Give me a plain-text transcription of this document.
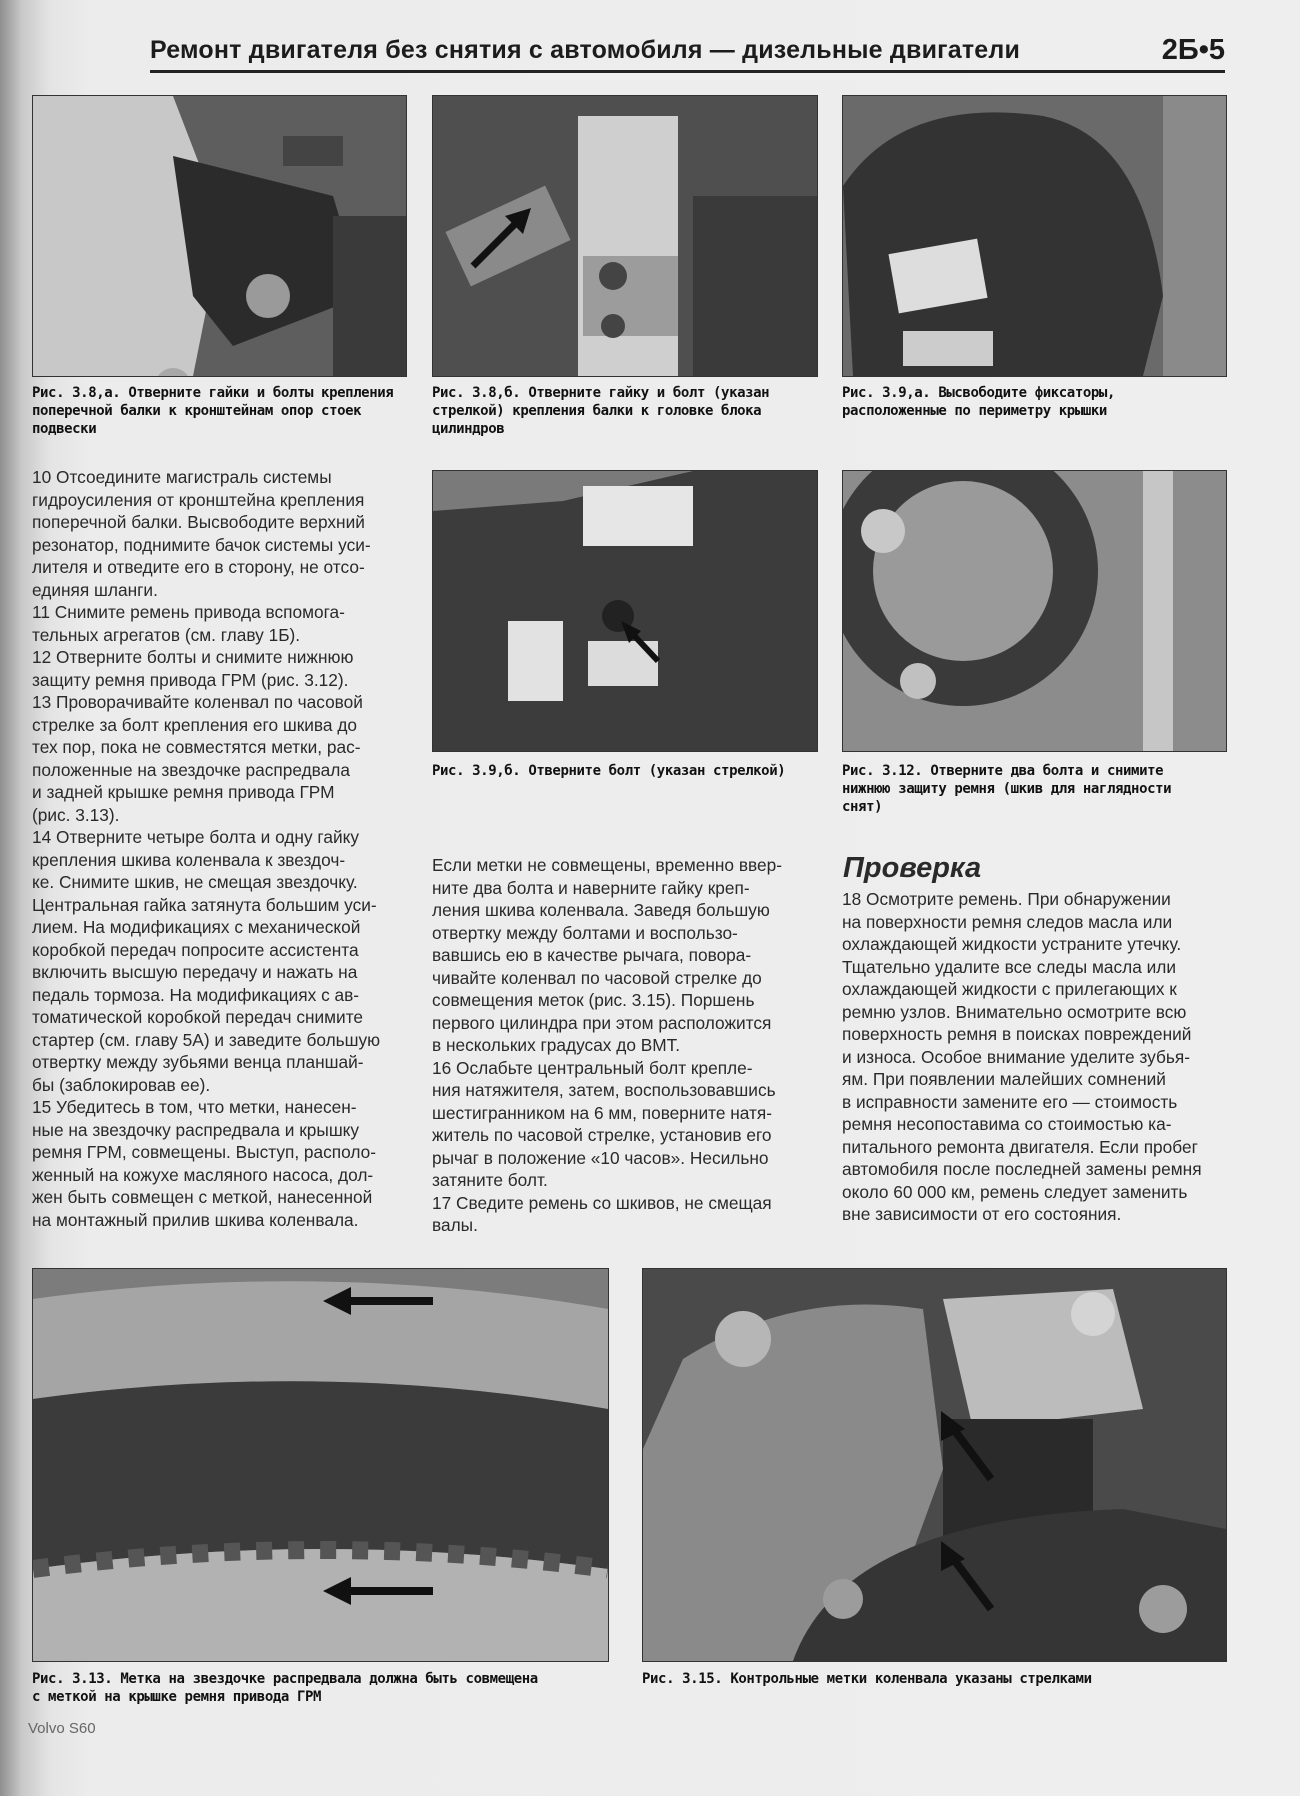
Ремонт двигателя без снятия с автомобиля — дизельные двигатели	2Б•5
Рис. 3.8,а. Отверните гайки и болты крепления
поперечной балки к кронштейнам опор стоек
подвески
Рис. 3.8,б. Отверните гайку и болт (указан
стрелкой) крепления балки к головке блока
цилиндров
Рис. 3.9,а. Высвободите фиксаторы,
расположенные по периметру крышки
Рис. 3.9,б. Отверните болт (указан стрелкой)	Рис. 3.12. Отверните два болта и снимите
нижнюю защиту ремня (шкив для наглядности
снят)
10 Отсоедините магистраль системы
гидроусиления от кронштейна крепления
поперечной балки. Высвободите верхний
резонатор, поднимите бачок системы уси-
лителя и отведите его в сторону, не отсо-
единяя шланги.
11 Снимите ремень привода вспомога-
тельных агрегатов (см. главу 1Б).
12 Отверните болты и снимите нижнюю
защиту ремня привода ГРМ (рис. 3.12).
13 Проворачивайте коленвал по часовой
стрелке за болт крепления его шкива до
тех пор, пока не совместятся метки, рас-
положенные на звездочке распредвала
и задней крышке ремня привода ГРМ
(рис. 3.13).
14 Отверните четыре болта и одну гайку
крепления шкива коленвала к звездоч-
ке. Снимите шкив, не смещая звездочку.
Центральная гайка затянута большим уси-
лием. На модификациях с механической
коробкой передач попросите ассистента
включить высшую передачу и нажать на
педаль тормоза. На модификациях с ав-
томатической коробкой передач снимите
стартер (см. главу 5А) и заведите большую
отвертку между зубьями венца планшай-
бы (заблокировав ее).
15 Убедитесь в том, что метки, нанесен-
ные на звездочку распредвала и крышку
ремня ГРМ, совмещены. Выступ, располо-
женный на кожухе масляного насоса, дол-
жен быть совмещен с меткой, нанесенной
на монтажный прилив шкива коленвала.
Если метки не совмещены, временно ввер-
ните два болта и наверните гайку креп-
ления шкива коленвала. Заведя большую
отвертку между болтами и воспользо-
вавшись ею в качестве рычага, повора-
чивайте коленвал по часовой стрелке до
совмещения меток (рис. 3.15). Поршень
первого цилиндра при этом расположится
в нескольких градусах до ВМТ.
16 Ослабьте центральный болт крепле-
ния натяжителя, затем, воспользовавшись
шестигранником на 6 мм, поверните натя-
житель по часовой стрелке, установив его
рычаг в положение «10 часов». Несильно
затяните болт.
17 Сведите ремень со шкивов, не смещая
валы.
Проверка
18 Осмотрите ремень. При обнаружении
на поверхности ремня следов масла или
охлаждающей жидкости устраните утечку.
Тщательно удалите все следы масла или
охлаждающей жидкости с прилегающих к
ремню узлов. Внимательно осмотрите всю
поверхность ремня в поисках повреждений
и износа. Особое внимание уделите зубья-
ям. При появлении малейших сомнений
в исправности замените его — стоимость
ремня несопоставима со стоимостью ка-
питального ремонта двигателя. Если пробег
автомобиля после последней замены ремня
около 60 000 км, ремень следует заменить
вне зависимости от его состояния.
Рис. 3.13. Метка на звездочке распредвала должна быть совмещена
с меткой на крышке ремня привода ГРМ
Рис. 3.15. Контрольные метки коленвала указаны стрелками
Volvo S60
